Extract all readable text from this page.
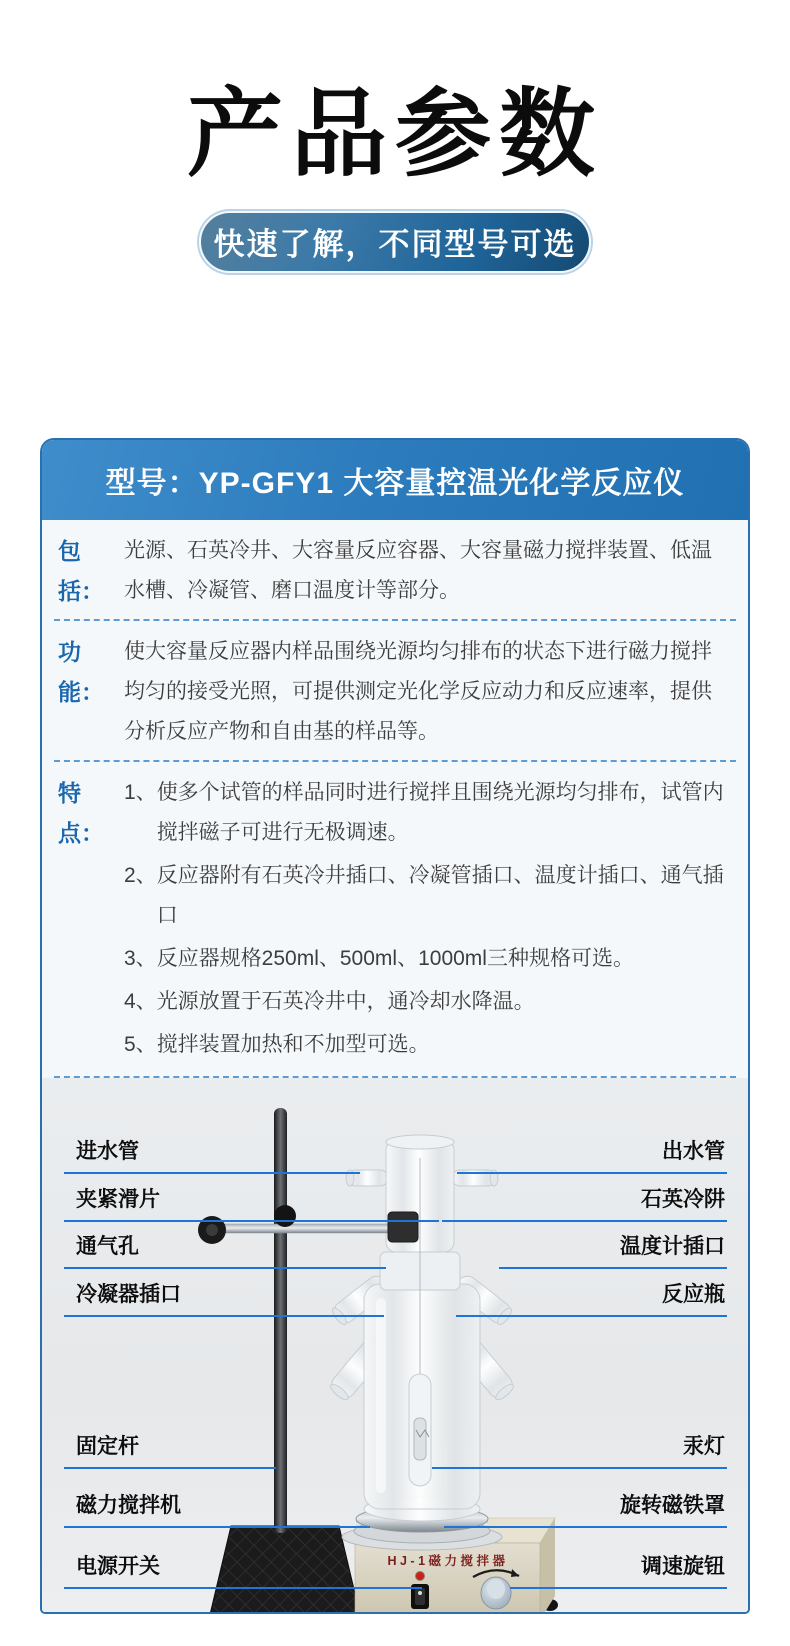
产品参数
快速了解，不同型号可选
型号：YP-GFY1 大容量控温光化学反应仪
包括：
光源、石英冷井、大容量反应容器、大容量磁力搅拌装置、低温水槽、冷凝管、磨口温度计等部分。
功能：
使大容量反应器内样品围绕光源均匀排布的状态下进行磁力搅拌均匀的接受光照，可提供测定光化学反应动力和反应速率，提供分析反应产物和自由基的样品等。
特点：
1、 使多个试管的样品同时进行搅拌且围绕光源均匀排布，试管内搅拌磁子可进行无极调速。
2、 反应器附有石英冷井插口、冷凝管插口、温度计插口、通气插口
3、 反应器规格250ml、500ml、1000ml三种规格可选。
4、 光源放置于石英冷井中，通冷却水降温。
5、 搅拌装置加热和不加型可选。
HJ-1磁力搅拌器
电源	调速
进水管
夹紧滑片
通气孔
冷凝器插口
固定杆
磁力搅拌机
电源开关
出水管
石英冷阱
温度计插口
反应瓶
汞灯
旋转磁铁罩
调速旋钮
